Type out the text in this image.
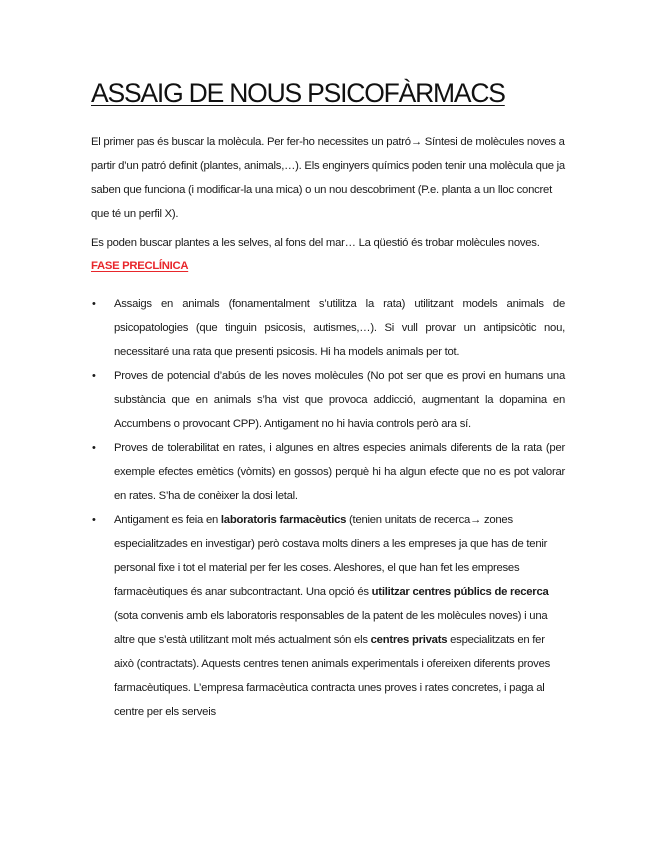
ASSAIG DE NOUS PSICOFÀRMACS

El primer pas és buscar la molècula. Per fer-ho necessites un patró→ Síntesi de molècules noves a partir d’un patró definit (plantes, animals,…). Els enginyers químics poden tenir una molècula que ja saben que funciona (i modificar-la una mica) o un nou descobriment (P.e. planta a un lloc concret que té un perfil X).

Es poden buscar plantes a les selves, al fons del mar… La qüestió és trobar molècules noves.

FASE PRECLÍNICA

• Assaigs en animals (fonamentalment s’utilitza la rata) utilitzant models animals de psicopatologies (que tinguin psicosis, autismes,…). Si vull provar un antipsicòtic nou, necessitaré una rata que presenti psicosis. Hi ha models animals per tot.
• Proves de potencial d’abús de les noves molècules (No pot ser que es provi en humans una substància que en animals s’ha vist que provoca addicció, augmentant la dopamina en Accumbens o provocant CPP). Antigament no hi havia controls però ara sí.
• Proves de tolerabilitat en rates, i algunes en altres especies animals diferents de la rata (per exemple efectes emètics (vòmits) en gossos) perquè hi ha algun efecte que no es pot valorar en rates. S’ha de conèixer la dosi letal.
• Antigament es feia en laboratoris farmacèutics (tenien unitats de recerca→ zones especialitzades en investigar) però costava molts diners a les empreses ja que has de tenir personal fixe i tot el material per fer les coses. Aleshores, el que han fet les empreses farmacèutiques és anar subcontractant. Una opció és utilitzar centres públics de recerca (sota convenis amb els laboratoris responsables de la patent de les molècules noves) i una altre que s’està utilitzant molt més actualment són els centres privats especialitzats en fer això (contractats). Aquests centres tenen animals experimentals i ofereixen diferents proves farmacèutiques. L’empresa farmacèutica contracta unes proves i rates concretes, i paga al centre per els serveis
